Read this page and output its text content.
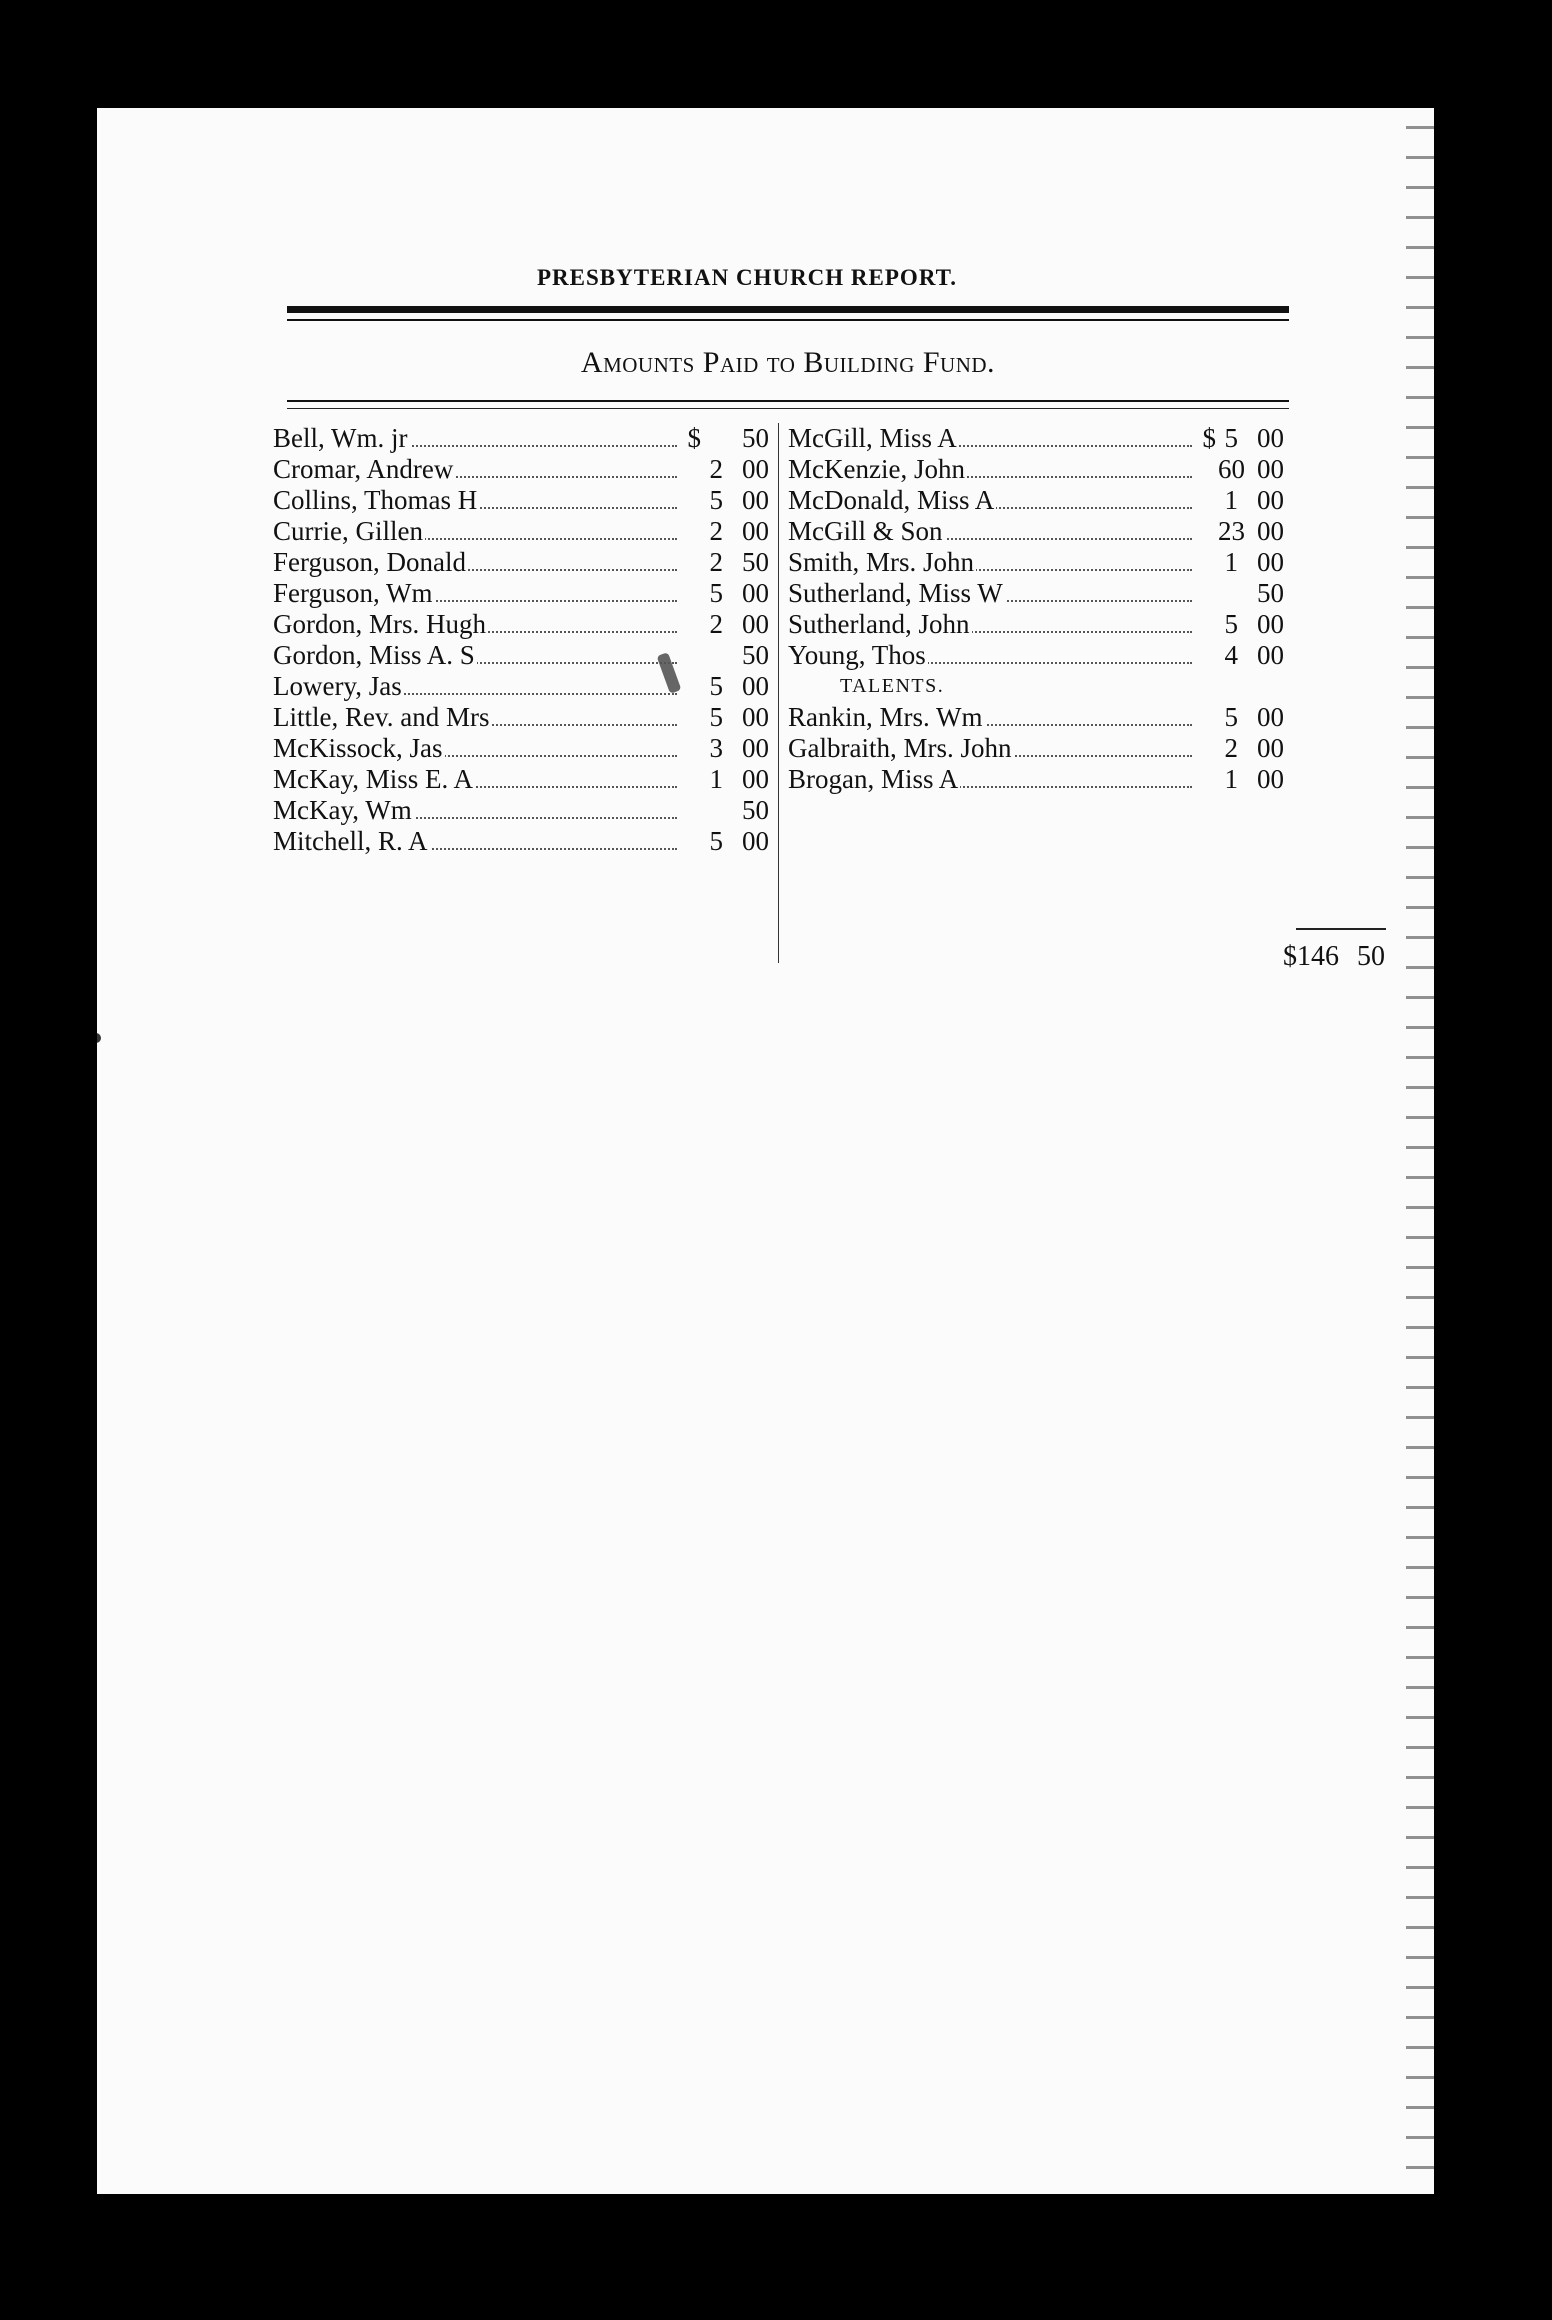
PRESBYTERIAN CHURCH REPORT.
Amounts Paid to Building Fund.
Bell, Wm. jr	$	50
Cromar, Andrew	2 00
Collins, Thomas H	5 00
Currie, Gillen	2 00
Ferguson, Donald	2 50
Ferguson, Wm	5 00
Gordon, Mrs. Hugh	2 00
Gordon, Miss A. S	50
Lowery, Jas	5 00
Little, Rev. and Mrs	5 00
McKissock, Jas	3 00
McKay, Miss E. A	1 00
McKay, Wm	50
Mitchell, R. A	5 00
McGill, Miss A	$ 5 00
McKenzie, John	60 00
McDonald, Miss A	1 00
McGill & Son	23 00
Smith, Mrs. John	1 00
Sutherland, Miss W	50
Sutherland, John	5 00
Young, Thos	4 00
TALENTS.
Rankin, Mrs. Wm	5 00
Galbraith, Mrs. John	2 00
Brogan, Miss A	1 00
$146 50
